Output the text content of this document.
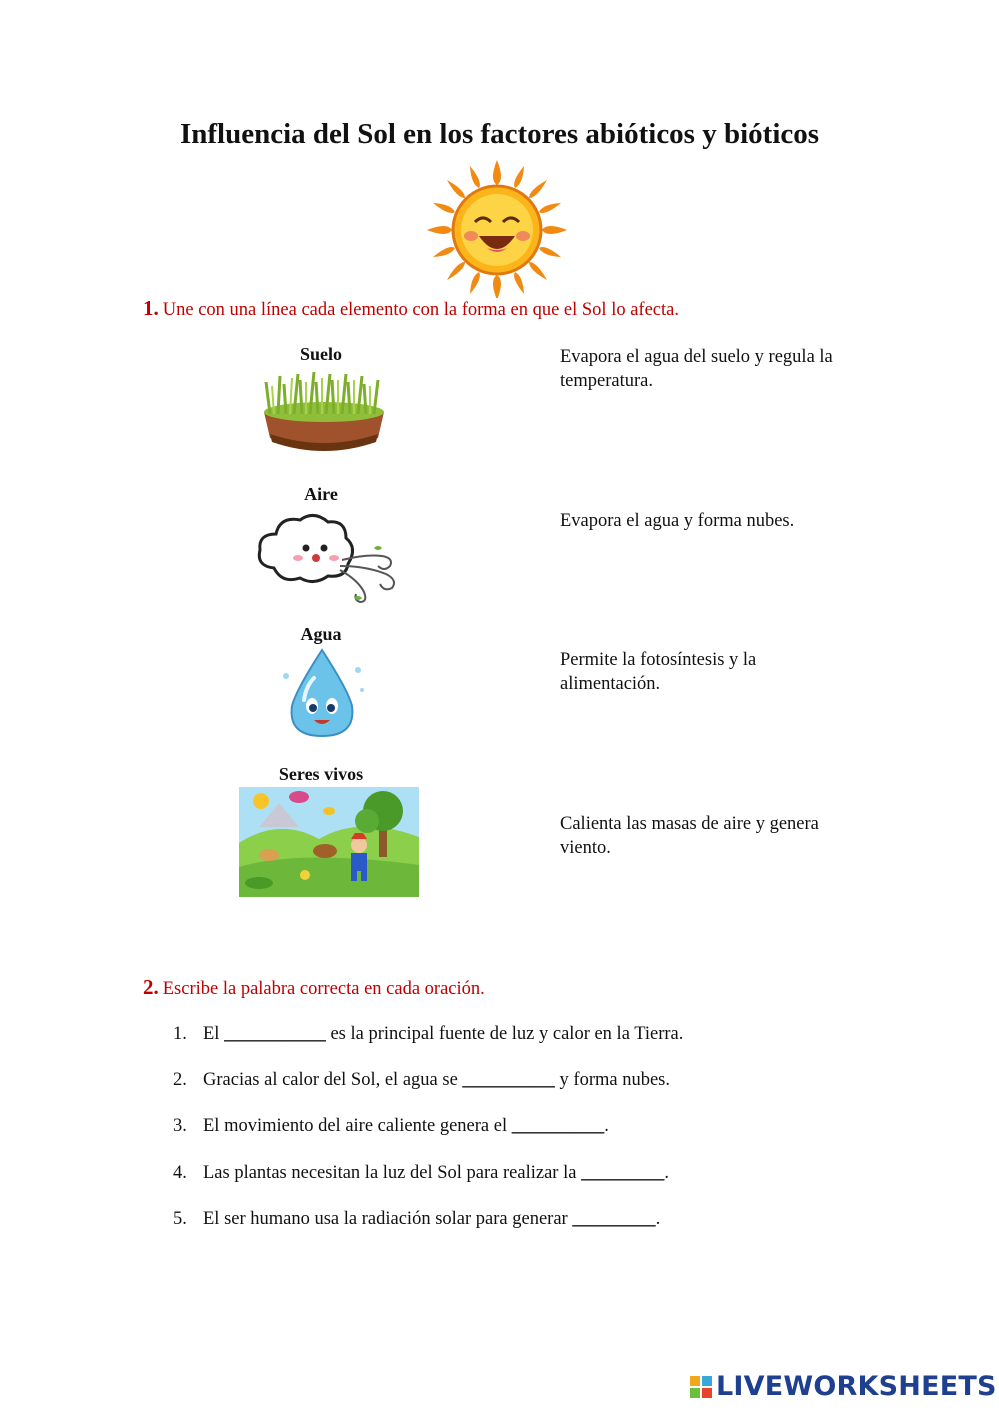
Influencia del Sol en los factores abióticos y bióticos
1. Une con una línea cada elemento con la forma en que el Sol lo afecta.
Suelo
Aire
Agua
Seres vivos
Evapora el agua del suelo y regula la temperatura.
Evapora el agua y forma nubes.
Permite la fotosíntesis y la alimentación.
Calienta las masas de aire y genera viento.
2. Escribe la palabra correcta en cada oración.
1. El ___________ es la principal fuente de luz y calor en la Tierra.
2. Gracias al calor del Sol, el agua se __________ y forma nubes.
3. El movimiento del aire caliente genera el __________.
4. Las plantas necesitan la luz del Sol para realizar la _________.
5. El ser humano usa la radiación solar para generar _________.
LIVEWORKSHEETS
